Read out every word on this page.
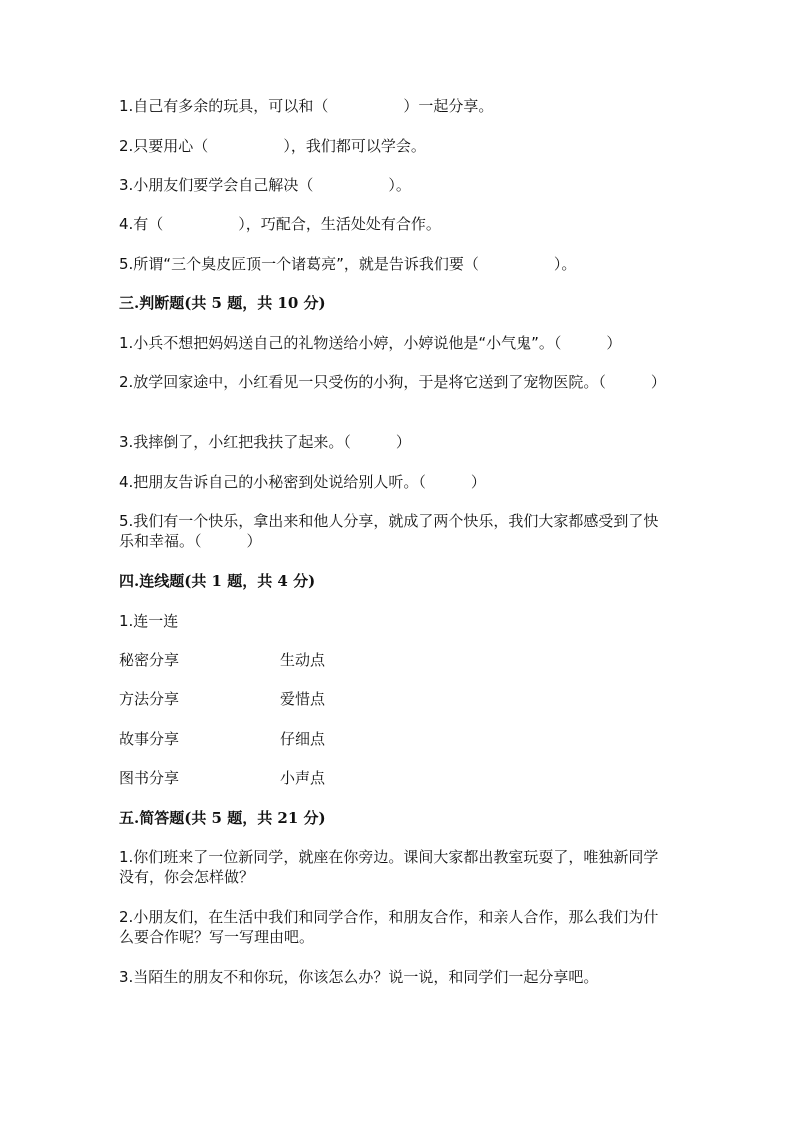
1.自己有多余的玩具，可以和（　　　　　）一起分享。
2.只要用心（　　　　　），我们都可以学会。
3.小朋友们要学会自己解决（　　　　　）。
4.有（　　　　　），巧配合，生活处处有合作。
5.所谓“三个臭皮匠顶一个诸葛亮”，就是告诉我们要（　　　　　）。
三.判断题(共 5 题，共 10 分)
1.小兵不想把妈妈送自己的礼物送给小婷，小婷说他是“小气鬼”。（　　　）
2.放学回家途中，小红看见一只受伤的小狗，于是将它送到了宠物医院。（　　　）
3.我摔倒了，小红把我扶了起来。（　　　）
4.把朋友告诉自己的小秘密到处说给别人听。（　　　）
5.我们有一个快乐，拿出来和他人分享，就成了两个快乐，我们大家都感受到了快乐和幸福。（　　　）
四.连线题(共 1 题，共 4 分)
1.连一连
秘密分享	生动点
方法分享	爱惜点
故事分享	仔细点
图书分享	小声点
五.简答题(共 5 题，共 21 分)
1.你们班来了一位新同学，就座在你旁边。课间大家都出教室玩耍了，唯独新同学没有，你会怎样做？
2.小朋友们，在生活中我们和同学合作，和朋友合作，和亲人合作，那么我们为什么要合作呢？写一写理由吧。
3.当陌生的朋友不和你玩，你该怎么办？说一说，和同学们一起分享吧。
